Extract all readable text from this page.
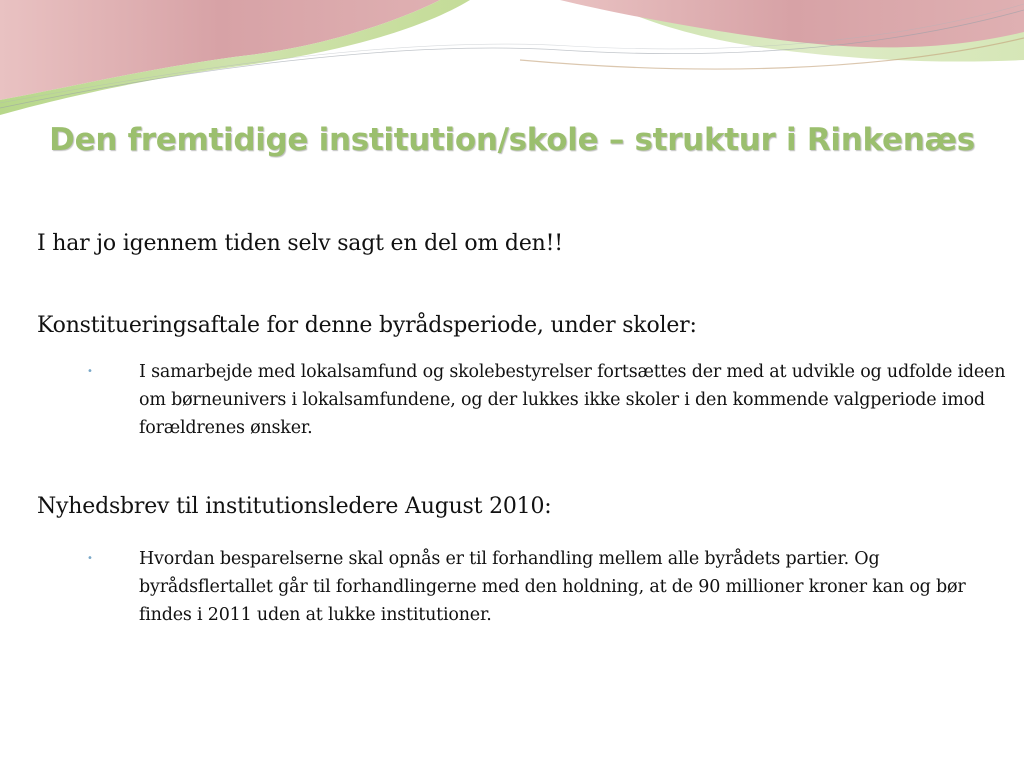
Den fremtidige institution/skole – struktur i Rinkenæs

I har jo igennem tiden selv sagt en del om den!!

Konstitueringsaftale for denne byrådsperiode, under skoler:

•	I samarbejde med lokalsamfund og skolebestyrelser fortsættes der med at udvikle og udfolde ideen om børneunivers i lokalsamfundene, og der lukkes ikke skoler i den kommende valgperiode imod forældrenes ønsker.

Nyhedsbrev til institutionsledere August 2010:

•	Hvordan besparelserne skal opnås er til forhandling mellem alle byrådets partier. Og byrådsflertallet går til forhandlingerne med den holdning, at de 90 millioner kroner kan og bør findes i 2011 uden at lukke institutioner.
